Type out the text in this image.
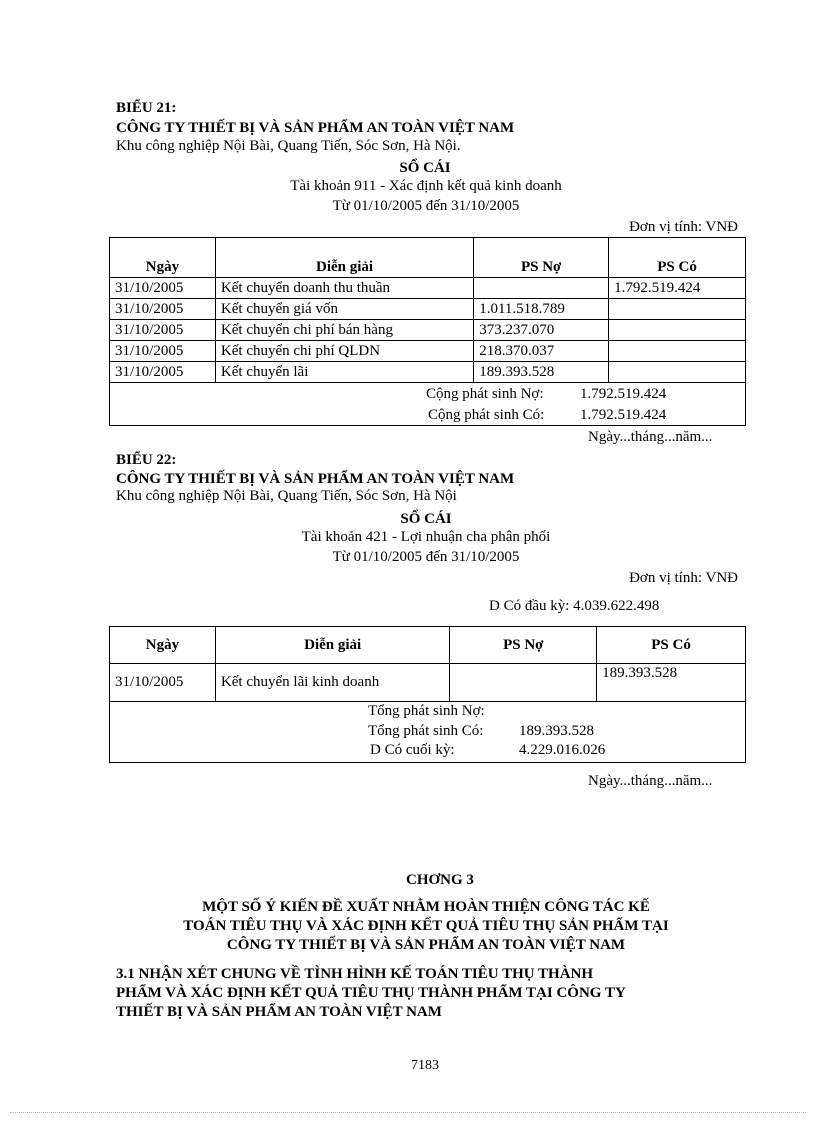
BIỂU 21:
CÔNG TY THIẾT BỊ VÀ SẢN PHẨM AN TOÀN VIỆT NAM
Khu công nghiệp Nội Bài, Quang Tiến, Sóc Sơn, Hà Nội.
SỔ CÁI
Tài khoản 911 - Xác định kết quả kinh doanh
Từ 01/10/2005 đến 31/10/2005
Đơn vị tính: VNĐ
Ngày	Diễn giải	PS Nợ	PS Có
31/10/2005	Kết chuyển doanh thu thuần		1.792.519.424
31/10/2005	Kết chuyển giá vốn	1.011.518.789	
31/10/2005	Kết chuyển chi phí bán hàng	373.237.070	
31/10/2005	Kết chuyển chi phí QLDN	218.370.037	
31/10/2005	Kết chuyển lãi	189.393.528	

Cộng phát sinh Nợ: 1.792.519.424
Cộng phát sinh Có: 1.792.519.424			
Ngày...tháng...năm...
BIỂU 22:
CÔNG TY THIẾT BỊ VÀ SẢN PHẨM AN TOÀN VIỆT NAM
Khu công nghiệp Nội Bài, Quang Tiến, Sóc Sơn, Hà Nội
SỔ CÁI
Tài khoản 421 - Lợi nhuận cha phân phối
Từ 01/10/2005 đến 31/10/2005
Đơn vị tính: VNĐ
D Có đầu kỳ: 4.039.622.498
Ngày	Diễn giải	PS Nợ	PS Có
31/10/2005	Kết chuyển lãi kinh doanh		189.393.528

Tổng phát sinh Nợ:
Tổng phát sinh Có: 189.393.528
D Có cuối kỳ: 4.229.016.026			
Ngày...tháng...năm...
CHƠNG 3
MỘT SỐ Ý KIẾN ĐỀ XUẤT NHẰM HOÀN THIỆN CÔNG TÁC KẾ
TOÁN TIÊU THỤ VÀ XÁC ĐỊNH KẾT QUẢ TIÊU THỤ SẢN PHẨM TẠI
CÔNG TY THIẾT BỊ VÀ SẢN PHẨM AN TOÀN VIỆT NAM
3.1 NHẬN XÉT CHUNG VỀ TÌNH HÌNH KẾ TOÁN TIÊU THỤ THÀNH
PHẨM VÀ XÁC ĐỊNH KẾT QUẢ TIÊU THỤ THÀNH PHẨM TẠI CÔNG TY
THIẾT BỊ VÀ SẢN PHẨM AN TOÀN VIỆT NAM
7183
